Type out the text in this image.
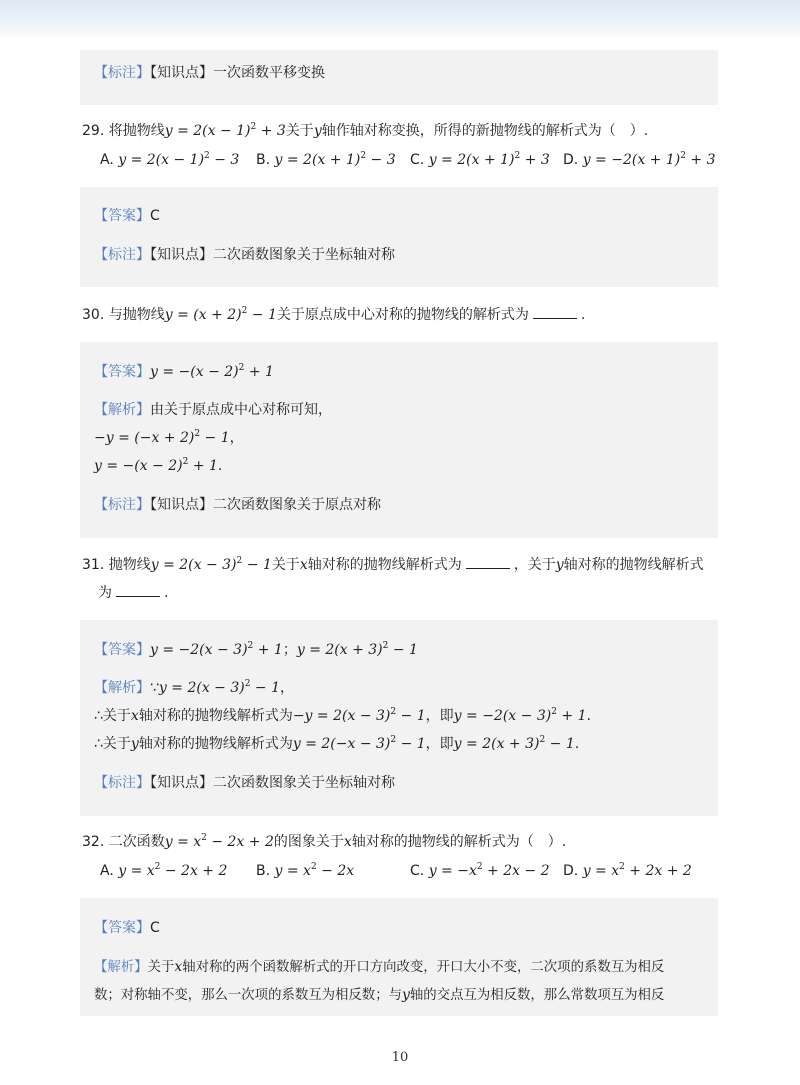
【标注】【知识点】一次函数平移变换
29. 将抛物线$y = 2(x - 1)^2 + 3$关于y轴作轴对称变换，所得的新抛物线的解析式为（　）.
A. $y = 2(x - 1)^2 - 3$ B. $y = 2(x + 1)^2 - 3$ C. $y = 2(x + 1)^2 + 3$ D. $y = -2(x + 1)^2 + 3$
【答案】C
【标注】【知识点】二次函数图象关于坐标轴对称
30. 与抛物线$y = (x + 2)^2 - 1$关于原点成中心对称的抛物线的解析式为	.
【答案】$y = -(x - 2)^2 + 1$
【解析】由关于原点成中心对称可知，
$-y = (-x + 2)^2 - 1$，
$y = -(x - 2)^2 + 1$.
【标注】【知识点】二次函数图象关于原点对称
31. 抛物线$y = 2(x - 3)^2 - 1$关于x轴对称的抛物线解析式为	，关于y轴对称的抛物线解析式
为	.
【答案】$y = -2(x - 3)^2 + 1$；$y = 2(x + 3)^2 - 1$
【解析】∵y = $2(x - 3)^2 - 1$，
∴关于x轴对称的抛物线解析式为$-y = 2(x - 3)^2 - 1$，即$y = -2(x - 3)^2 + 1$.
∴关于y轴对称的抛物线解析式为$y = 2(-x - 3)^2 - 1$，即$y = 2(x + 3)^2 - 1$.
【标注】【知识点】二次函数图象关于坐标轴对称
32. 二次函数$y = x^2 - 2x + 2$的图象关于x轴对称的抛物线的解析式为（　）.
A. $y = x^2 - 2x + 2$ B. $y = x^2 - 2x$	C. $y = -x^2 + 2x - 2$ D. $y = x^2 + 2x + 2$
【答案】C
【解析】关于x轴对称的两个函数解析式的开口方向改变，开口大小不变，二次项的系数互为相反
数；对称轴不变，那么一次项的系数互为相反数；与y轴的交点互为相反数，那么常数项互为相反
10
